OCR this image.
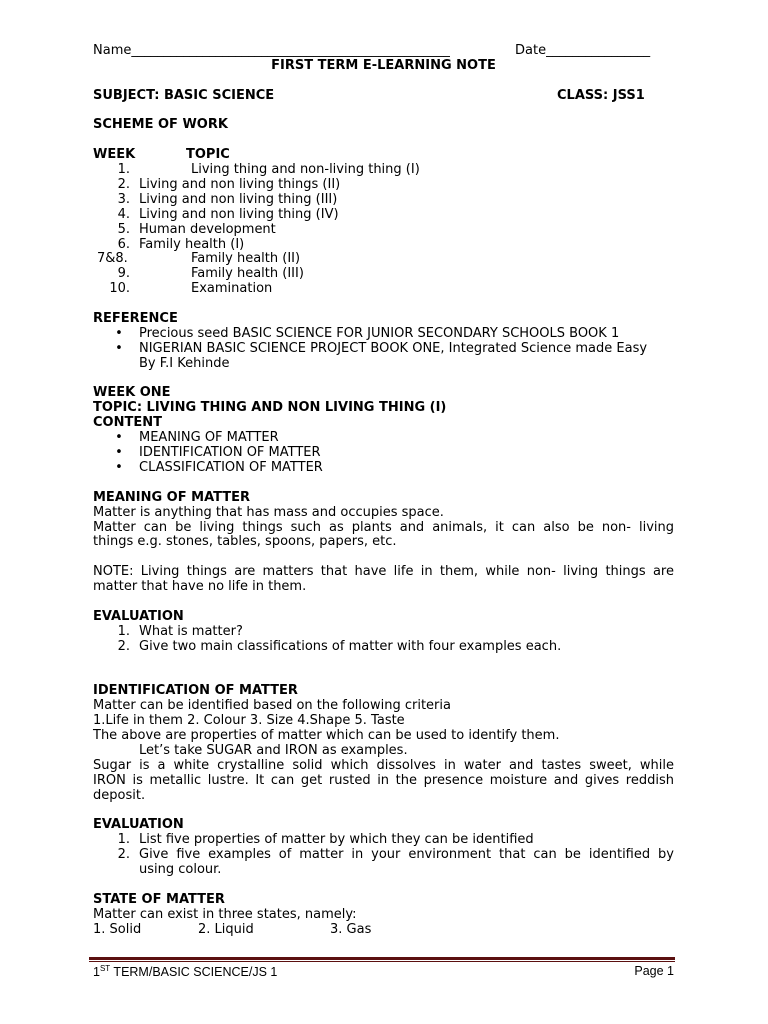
Name_________________________________________________	Date________________
FIRST TERM E-LEARNING NOTE
SUBJECT: BASIC SCIENCE	CLASS: JSS1
SCHEME OF WORK
WEEK	TOPIC
1.	Living thing and non-living thing (I)
2. Living and non living things (II)
3. Living and non living thing (III)
4. Living and non living thing (IV)
5. Human development
6. Family health (I)
7&8.	Family health (II)
9.	Family health (III)
10.	Examination
REFERENCE
• Precious seed BASIC SCIENCE FOR JUNIOR SECONDARY SCHOOLS BOOK 1
• NIGERIAN BASIC SCIENCE PROJECT BOOK ONE, Integrated Science made Easy
By F.I Kehinde
WEEK ONE
TOPIC: LIVING THING AND NON LIVING THING (I)
CONTENT
• MEANING OF MATTER
• IDENTIFICATION OF MATTER
• CLASSIFICATION OF MATTER
MEANING OF MATTER
Matter is anything that has mass and occupies space.
Matter can be living things such as plants and animals, it can also be non- living
things e.g. stones, tables, spoons, papers, etc.
NOTE: Living things are matters that have life in them, while non- living things are
matter that have no life in them.
EVALUATION
1. What is matter?
2. Give two main classifications of matter with four examples each.
IDENTIFICATION OF MATTER
Matter can be identified based on the following criteria
1.Life in them 2. Colour 3. Size 4.Shape 5. Taste
The above are properties of matter which can be used to identify them.
Let’s take SUGAR and IRON as examples.
Sugar is a white crystalline solid which dissolves in water and tastes sweet, while
IRON is metallic lustre. It can get rusted in the presence moisture and gives reddish
deposit.
EVALUATION
1. List five properties of matter by which they can be identified
2. Give five examples of matter in your environment that can be identified by
using colour.
STATE OF MATTER
Matter can exist in three states, namely:
1. Solid	2. Liquid	3. Gas
1ST TERM/BASIC SCIENCE/JS 1	Page 1
